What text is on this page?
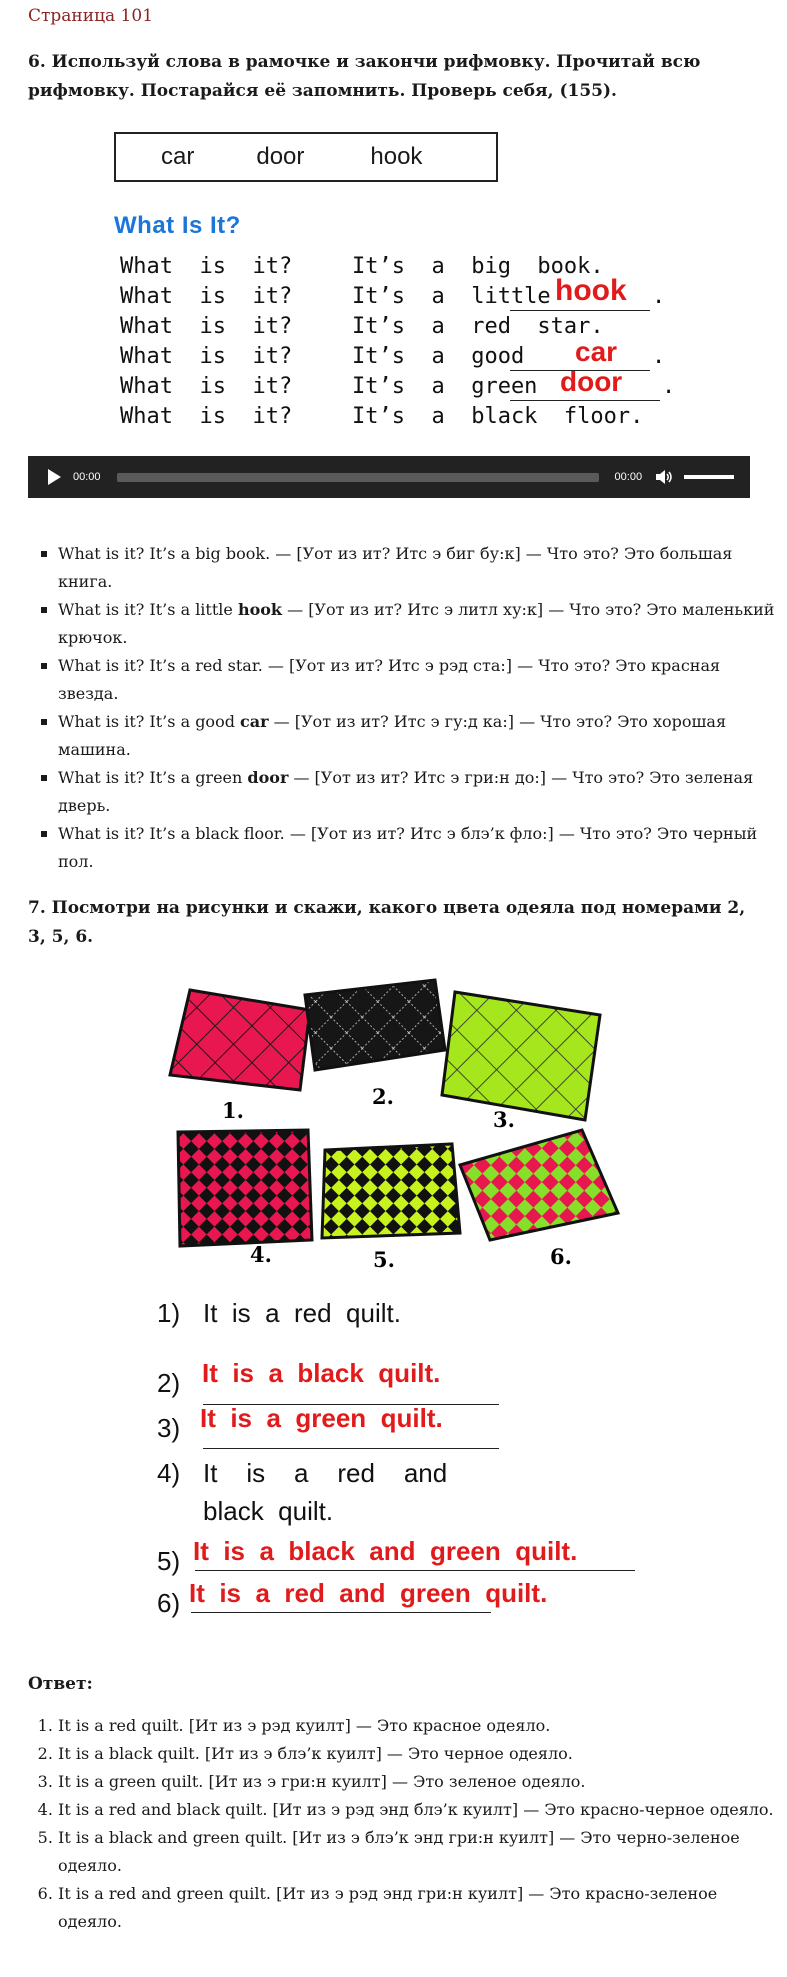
Страница 101
6. Используй слова в рамочке и закончи рифмовку. Прочитай всю рифмовку. Постарайся её запомнить. Проверь себя, (155).
car	door	hook
What Is It?
What  is  it?	It’s  a  big  book.
What  is  it?	It’s  a  little hook .
What  is  it?	It’s  a  red  star.
What  is  it?	It’s  a  good car .
What  is  it?	It’s  a  green door .
What  is  it?	It’s  a  black  floor.
00:00	00:00
What is it? It’s a big book. — [Уот из ит? Итс э биг бу:к] — Что это? Это большая книга.
What is it? It’s a little hook — [Уот из ит? Итс э литл ху:к] — Что это? Это маленький крючок.
What is it? It’s a red star. — [Уот из ит? Итс э рэд ста:] — Что это? Это красная звезда.
What is it? It’s a good car — [Уот из ит? Итс э гу:д ка:] — Что это? Это хорошая машина.
What is it? It’s a green door — [Уот из ит? Итс э гри:н до:] — Что это? Это зеленая дверь.
What is it? It’s a black floor. — [Уот из ит? Итс э блэ’к фло:] — Что это? Это черный пол.
7. Посмотри на рисунки и скажи, какого цвета одеяла под номерами 2, 3, 5, 6.
1.
2.
3.
4.	5.	6.
1) It  is  a  red  quilt.
2) It  is  a  black  quilt.
3) It  is  a  green  quilt.
4) It    is    a    red    and
black  quilt.
5) It  is  a  black  and  green  quilt.
6) It  is  a  red  and  green  quilt.
Ответ:
1. It is a red quilt. [Ит из э рэд куилт] — Это красное одеяло.
2. It is a black quilt. [Ит из э блэ’к куилт] — Это черное одеяло.
3. It is a green quilt. [Ит из э гри:н куилт] — Это зеленое одеяло.
4. It is a red and black quilt. [Ит из э рэд энд блэ’к куилт] — Это красно-черное одеяло.
5. It is a black and green quilt. [Ит из э блэ’к энд гри:н куилт] — Это черно-зеленое одеяло.
6. It is a red and green quilt. [Ит из э рэд энд гри:н куилт] — Это красно-зеленое одеяло.
